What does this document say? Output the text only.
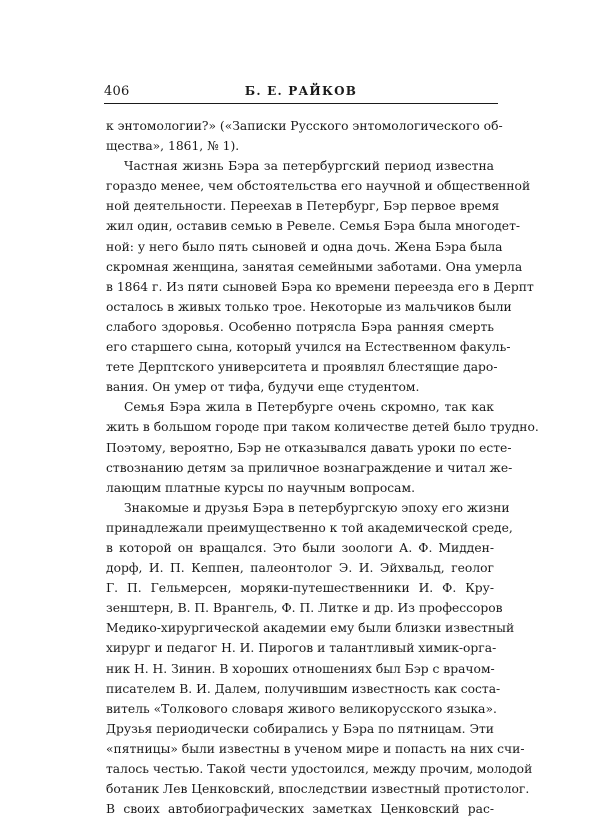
406	Б. Е. РАЙКОВ
к энтомологии?» («Записки Русского энтомологического об-
щества», 1861, № 1).
Частная жизнь Бэра за петербургский период известна
гораздо менее, чем обстоятельства его научной и общественной
ной деятельности. Переехав в Петербург, Бэр первое время
жил один, оставив семью в Ревеле. Семья Бэра была многодет-
ной: у него было пять сыновей и одна дочь. Жена Бэра была
скромная женщина, занятая семейными заботами. Она умерла
в 1864 г. Из пяти сыновей Бэра ко времени переезда его в Дерпт
осталось в живых только трое. Некоторые из мальчиков были
слабого здоровья. Особенно потрясла Бэра ранняя смерть
его старшего сына, который учился на Естественном факуль-
тете Дерптского университета и проявлял блестящие даро-
вания. Он умер от тифа, будучи еще студентом.
Семья Бэра жила в Петербурге очень скромно, так как
жить в большом городе при таком количестве детей было трудно.
Поэтому, вероятно, Бэр не отказывался давать уроки по есте-
ствознанию детям за приличное вознаграждение и читал же-
лающим платные курсы по научным вопросам.
Знакомые и друзья Бэра в петербургскую эпоху его жизни
принадлежали преимущественно к той академической среде,
в которой он вращался. Это были зоологи А. Ф. Мидден-
дорф, И. П. Кеппен, палеонтолог Э. И. Эйхвальд, геолог
Г. П. Гельмерсен, моряки-путешественники И. Ф. Кру-
зенштерн, В. П. Врангель, Ф. П. Литке и др. Из профессоров
Медико-хирургической академии ему были близки известный
хирург и педагог Н. И. Пирогов и талантливый химик-орга-
ник Н. Н. Зинин. В хороших отношениях был Бэр с врачом-
писателем В. И. Далем, получившим известность как соста-
витель «Толкового словаря живого великорусского языка».
Друзья периодически собирались у Бэра по пятницам. Эти
«пятницы» были известны в ученом мире и попасть на них счи-
талось честью. Такой чести удостоился, между прочим, молодой
ботаник Лев Ценковский, впоследствии известный протистолог.
В своих автобиографических заметках Ценковский рас-
